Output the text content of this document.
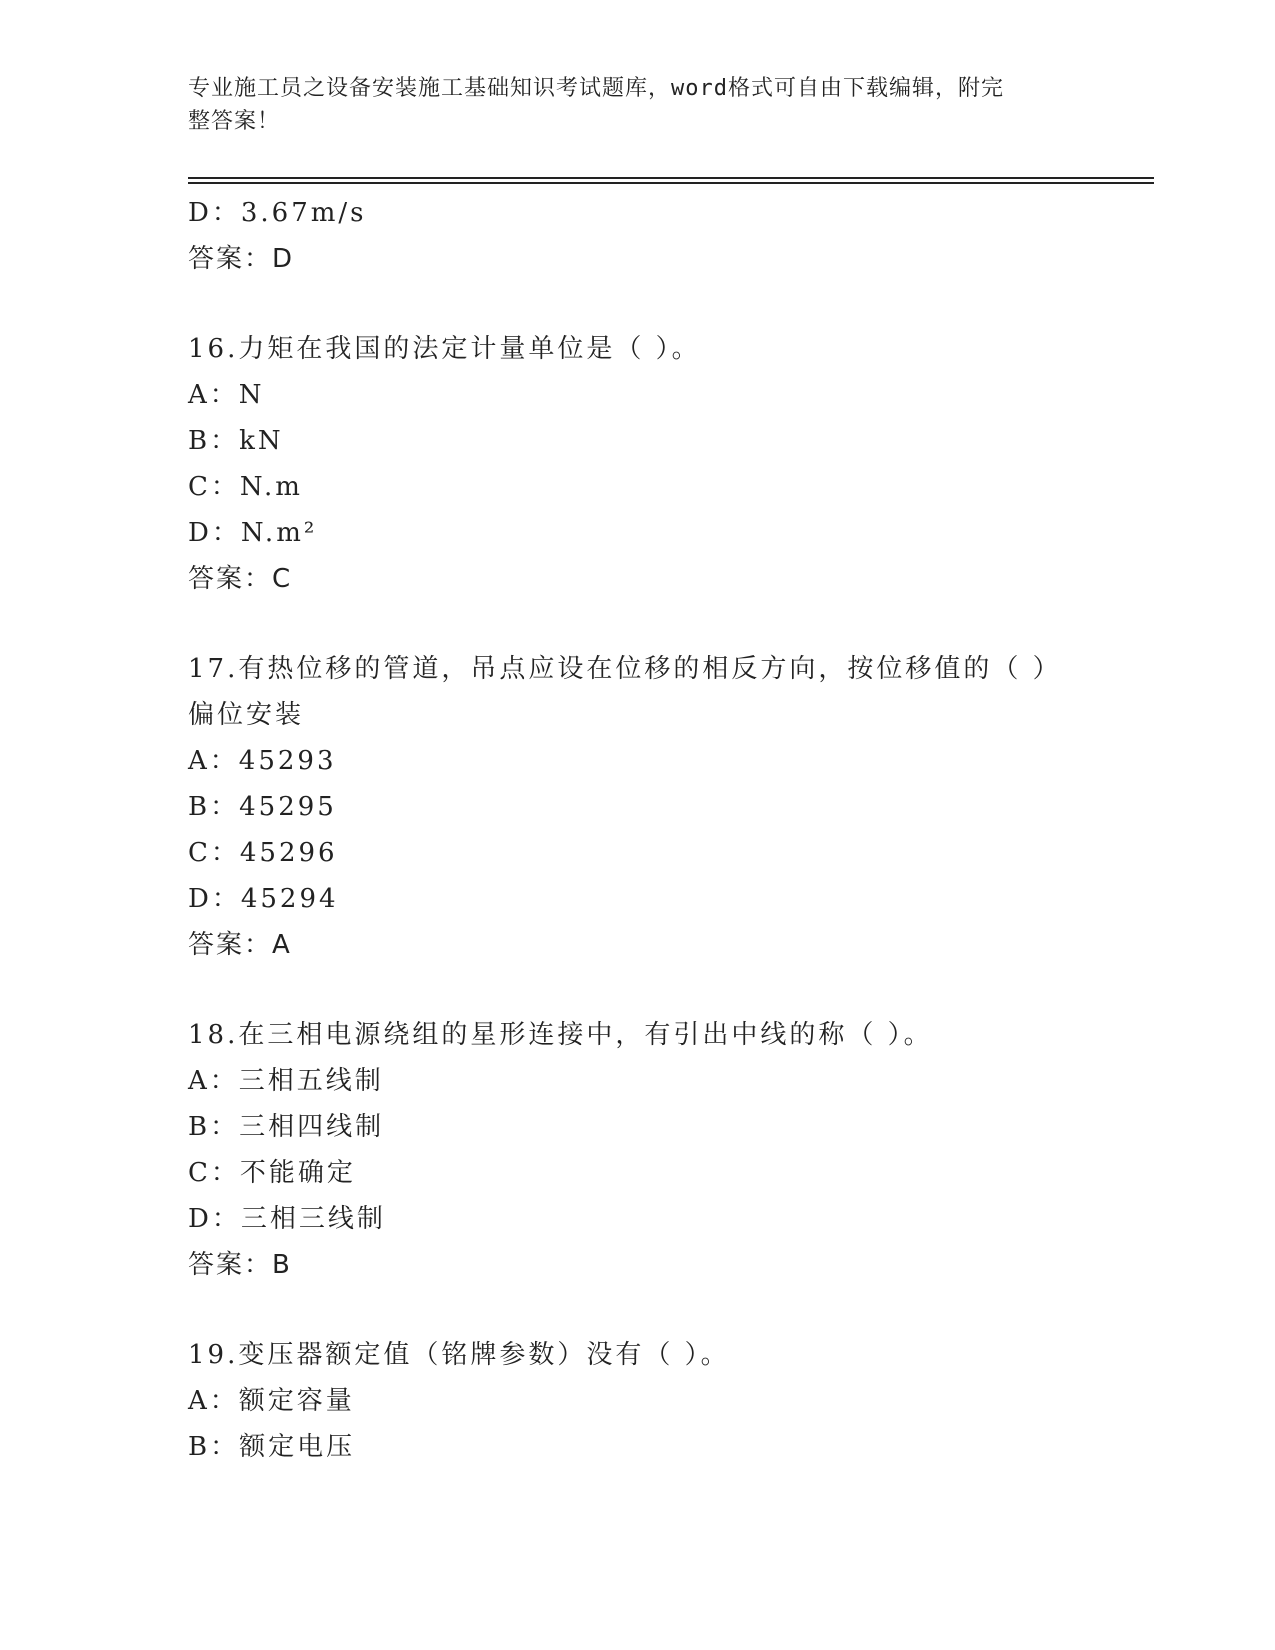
专业施工员之设备安装施工基础知识考试题库，word格式可自由下载编辑，附完
整答案！
D：3.67m/s
答案：D
16.力矩在我国的法定计量单位是（ ）。
A：N
B：kN
C：N.m
D：N.m²
答案：C
17.有热位移的管道，吊点应设在位移的相反方向，按位移值的（ ）
偏位安装
A：45293
B：45295
C：45296
D：45294
答案：A
18.在三相电源绕组的星形连接中，有引出中线的称（ ）。
A：三相五线制
B：三相四线制
C：不能确定
D：三相三线制
答案：B
19.变压器额定值（铭牌参数）没有（ ）。
A：额定容量
B：额定电压
